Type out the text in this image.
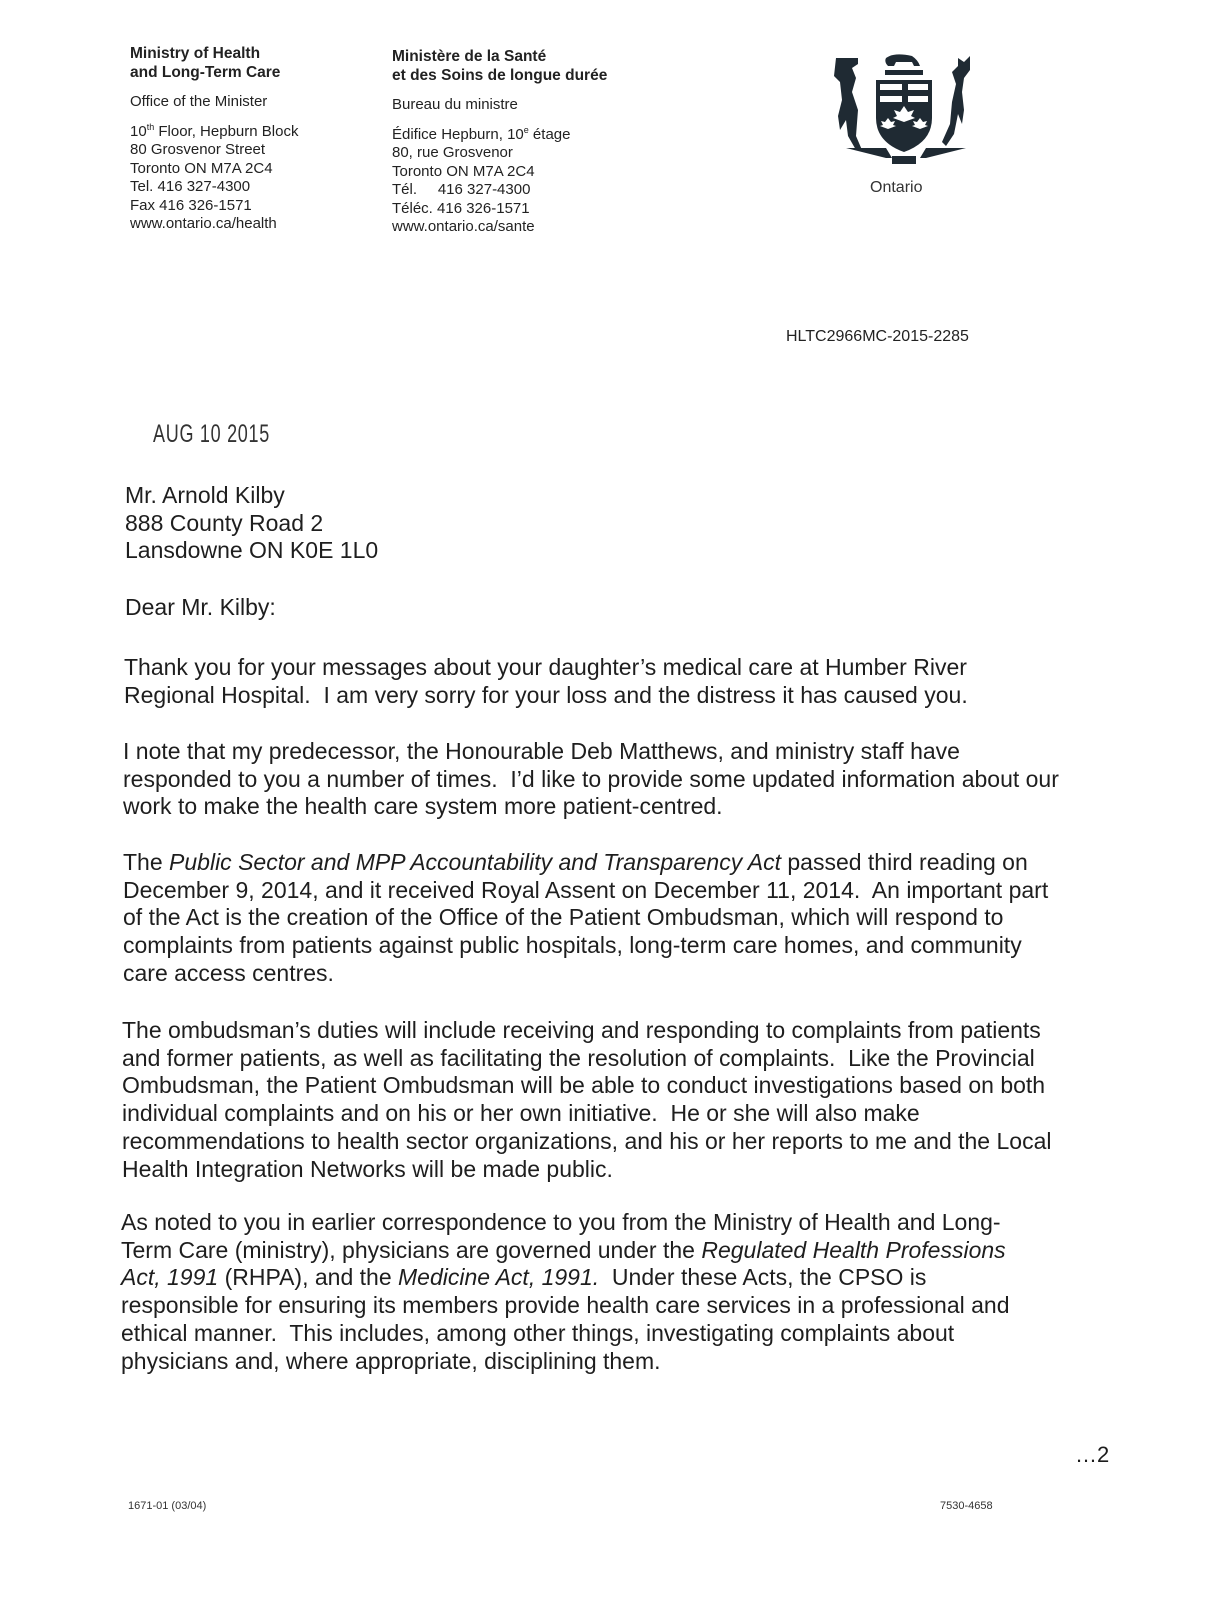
Ministry of Health
and Long-Term Care
Office of the Minister
10th Floor, Hepburn Block
80 Grosvenor Street
Toronto ON M7A 2C4
Tel. 416 327-4300
Fax 416 326-1571
www.ontario.ca/health
Ministère de la Santé
et des Soins de longue durée
Bureau du ministre
Édifice Hepburn, 10e étage
80, rue Grosvenor
Toronto ON M7A 2C4
Tél.     416 327-4300
Téléc. 416 326-1571
www.ontario.ca/sante
Ontario
HLTC2966MC-2015-2285
AUG 10 2015
Mr. Arnold Kilby
888 County Road 2
Lansdowne ON K0E 1L0
Dear Mr. Kilby:
Thank you for your messages about your daughter’s medical care at Humber River
Regional Hospital.  I am very sorry for your loss and the distress it has caused you.
I note that my predecessor, the Honourable Deb Matthews, and ministry staff have
responded to you a number of times.  I’d like to provide some updated information about our
work to make the health care system more patient-centred.
The Public Sector and MPP Accountability and Transparency Act passed third reading on
December 9, 2014, and it received Royal Assent on December 11, 2014.  An important part
of the Act is the creation of the Office of the Patient Ombudsman, which will respond to
complaints from patients against public hospitals, long-term care homes, and community
care access centres.
The ombudsman’s duties will include receiving and responding to complaints from patients
and former patients, as well as facilitating the resolution of complaints.  Like the Provincial
Ombudsman, the Patient Ombudsman will be able to conduct investigations based on both
individual complaints and on his or her own initiative.  He or she will also make
recommendations to health sector organizations, and his or her reports to me and the Local
Health Integration Networks will be made public.
As noted to you in earlier correspondence to you from the Ministry of Health and Long-
Term Care (ministry), physicians are governed under the Regulated Health Professions
Act, 1991 (RHPA), and the Medicine Act, 1991.  Under these Acts, the CPSO is
responsible for ensuring its members provide health care services in a professional and
ethical manner.  This includes, among other things, investigating complaints about
physicians and, where appropriate, disciplining them.
…2
1671-01 (03/04)	7530-4658
